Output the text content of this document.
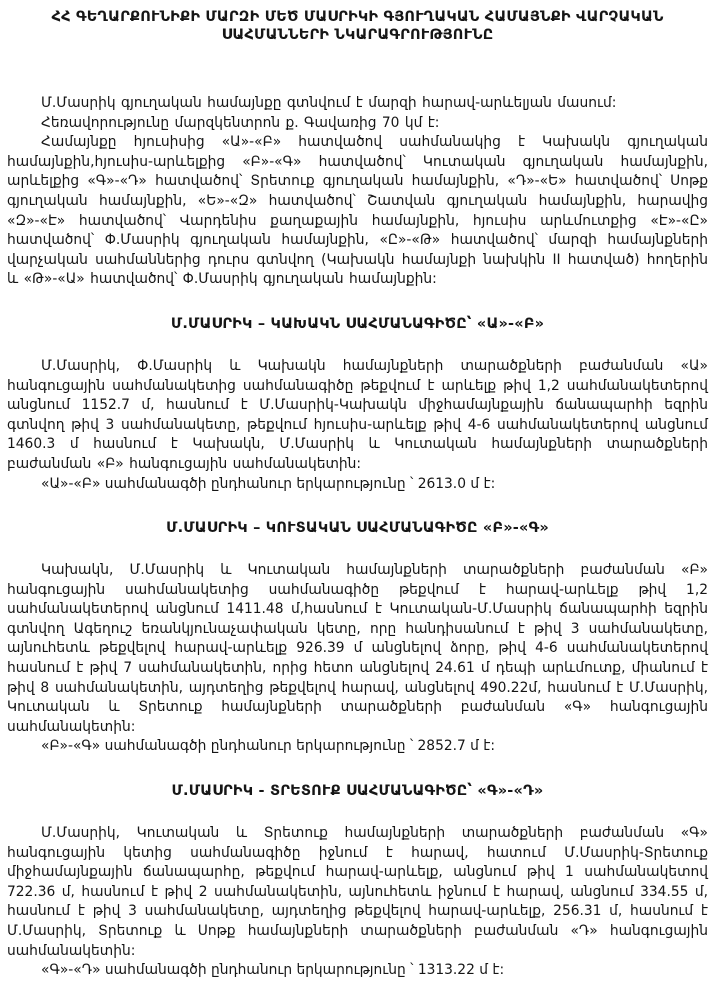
ՀՀ ԳԵՂԱՐՔՈՒՆԻՔԻ ՄԱՐԶԻ ՄԵԾ ՄԱՍՐԻԿԻ ԳՅՈՒՂԱԿԱՆ ՀԱՄԱՅՆՔԻ ՎԱՐՉԱԿԱՆ
ՍԱՀՄԱՆՆԵՐԻ ՆԿԱՐԱԳՐՈՒԹՅՈՒՆԸ

Մ.Մասրիկ գյուղական համայնքը գտնվում է մարզի հարավ-արևելյան մասում:

Հեռավորությունը մարզկենտրոն ք. Գավառից 70 կմ է:

Համայնքը հյուսիսից «Ա»-«Բ» հատվածով սահմանակից է Կախակն գյուղական համայնքին,հյուսիս-արևելքից «Բ»-«Գ» հատվածով՝ Կուտական գյուղական համայնքին, արևելքից «Գ»-«Դ» հատվածով՝ Տրետուք գյուղական համայնքին, «Դ»-«Ե» հատվածով՝ Սոթք գյուղական համայնքին, «Ե»-«Զ» հատվածով՝ Շատվան գյուղական համայնքին, հարավից «Զ»-«Է» հատվածով՝ Վարդենիս քաղաքային համայնքին, հյուսիս արևմուտքից «Է»-«Ը» հատվածով՝ Փ.Մասրիկ գյուղական համայնքին, «Ը»-«Թ» հատվածով՝ մարզի համայնքների վարչական սահմաններից դուրս գտնվող (Կախակն համայնքի նախկին II հատված) հողերին և «Թ»-«Ա» հատվածով՝ Փ.Մասրիկ գյուղական համայնքին:

Մ.ՄԱՍՐԻԿ – ԿԱԽԱԿՆ ՍԱՀՄԱՆԱԳԻԾԸ՝ «Ա»-«Բ»

Մ.Մասրիկ, Փ.Մասրիկ և Կախակն համայնքների տարածքների բաժանման «Ա» հանգուցային սահմանակետից սահմանագիծը թեքվում է արևելք թիվ 1,2 սահմանակետերով անցնում 1152.7 մ, հասնում է Մ.Մասրիկ-Կախակն միջհամայնքային ճանապարհի եզրին գտնվող թիվ 3 սահմանակետը, թեքվում հյուսիս-արևելք թիվ 4-6 սահմանակետերով անցնում 1460.3 մ հասնում է Կախակն, Մ.Մասրիկ և Կուտական համայնքների տարածքների բաժանման «Բ» հանգուցային սահմանակետին:

«Ա»-«Բ» սահմանագծի ընդհանուր երկարությունը ՝ 2613.0 մ է:

Մ.ՄԱՍՐԻԿ – ԿՈՒՏԱԿԱՆ ՍԱՀՄԱՆԱԳԻԾԸ «Բ»-«Գ»

Կախակն, Մ.Մասրիկ և Կուտական համայնքների տարածքների բաժանման «Բ» հանգուցային սահմանակետից սահմանագիծը թեքվում է հարավ-արևելք թիվ 1,2 սահմանակետերով անցնում 1411.48 մ,հասնում է Կուտական-Մ.Մասրիկ ճանապարհի եզրին գտնվող Ագեղուշ եռանկյունաչափական կետը, որը հանդիսանում է թիվ 3 սահմանակետը, այնուհետև թեքվելով հարավ-արևելք 926.39 մ անցնելով ձորը, թիվ 4-6 սահմանակետերով հասնում է թիվ 7 սահմանակետին, որից հետո անցնելով 24.61 մ դեպի արևմուտք, միանում է թիվ 8 սահմանակետին, այդտեղից թեքվելով հարավ, անցնելով 490.22մ, հասնում է Մ.Մասրիկ, Կուտական և Տրետուք համայնքների տարածքների բաժանման «Գ» հանգուցային սահմանակետին:

«Բ»-«Գ» սահմանագծի ընդհանուր երկարությունը ՝ 2852.7 մ է:

Մ.ՄԱՍՐԻԿ - ՏՐԵՏՈՒՔ ՍԱՀՄԱՆԱԳԻԾԸ՝ «Գ»-«Դ»

Մ.Մասրիկ, Կուտական և Տրետուք համայնքների տարածքների բաժանման «Գ» հանգուցային կետից սահմանագիծը իջնում է հարավ, հատում Մ.Մասրիկ-Տրետուք միջհամայնքային ճանապարհը, թեքվում հարավ-արևելք, անցնում թիվ 1 սահմանակետով 722.36 մ, հասնում է թիվ 2 սահմանակետին, այնուհետև իջնում է հարավ, անցնում 334.55 մ, հասնում է թիվ 3 սահմանակետը, այդտեղից թեքվելով հարավ-արևելք, 256.31 մ, հասնում է Մ.Մասրիկ, Տրետուք և Սոթք համայնքների տարածքների բաժանման «Դ» հանգուցային սահմանակետին:

«Գ»-«Դ» սահմանագծի ընդհանուր երկարությունը ՝ 1313.22 մ է:
